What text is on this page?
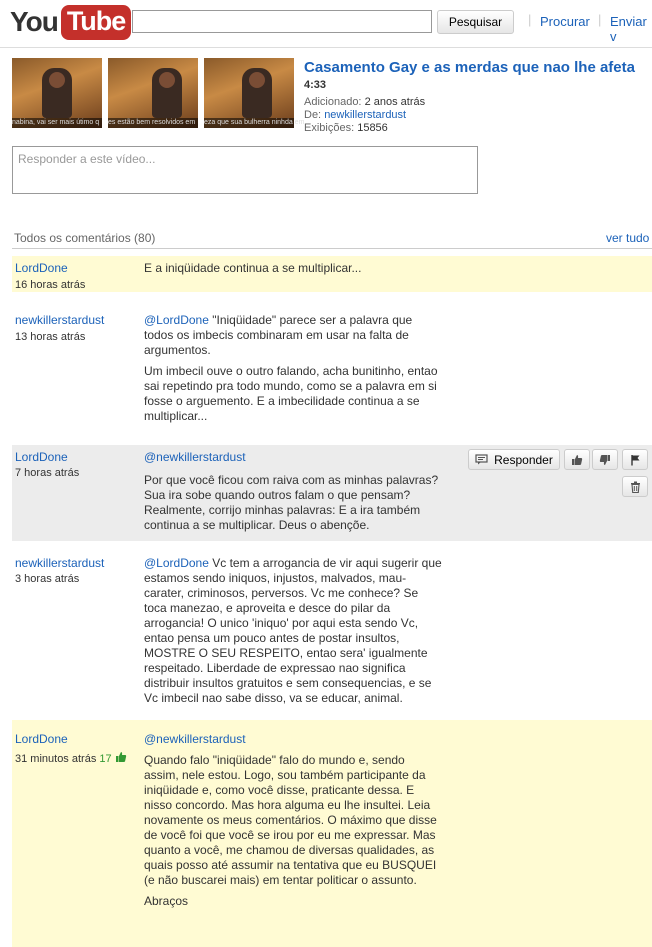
You Tube	Pesquisar	| Procurar | Enviar v
nabina, vai ser mais útimo q	es estão bem resolvidos em	eza que sua bulherra ninhda em
Casamento Gay e as merdas que nao lhe afeta
4:33
Adicionado: 2 anos atrás
De: newkillerstardust
Exibições: 15856
Responder a este vídeo...
Todos os comentários (80)	ver tudo
LordDone
16 horas atrás

E a iniqüidade continua a se multiplicar...

newkillerstardust
13 horas atrás

@LordDone "Iniqüidade" parece ser a palavra que todos os imbecis combinaram em usar na falta de argumentos.

Um imbecil ouve o outro falando, acha bunitinho, entao sai repetindo pra todo mundo, como se a palavra em si fosse o arguemento. E a imbecilidade continua a se multiplicar...

LordDone
7 horas atrás

@newkillerstardust

Por que você ficou com raiva com as minhas palavras? Sua ira sobe quando outros falam o que pensam? Realmente, corrijo minhas palavras: E a ira também continua a se multiplicar. Deus o abençõe.

Responder
newkillerstardust
3 horas atrás

@LordDone Vc tem a arrogancia de vir aqui sugerir que estamos sendo iniquos, injustos, malvados, mau-carater, criminosos, perversos. Vc me conhece? Se toca manezao, e aproveita e desce do pilar da arrogancia! O unico 'iniquo' por aqui esta sendo Vc, entao pensa um pouco antes de postar insultos, MOSTRE O SEU RESPEITO, entao sera' igualmente respeitado. Liberdade de expressao nao significa distribuir insultos gratuitos e sem consequencias, e se Vc imbecil nao sabe disso, va se educar, animal.

LordDone
31 minutos atrás 17

@newkillerstardust

Quando falo "iniqüidade" falo do mundo e, sendo assim, nele estou. Logo, sou também participante da iniqüidade e, como você disse, praticante dessa. E nisso concordo. Mas hora alguma eu lhe insultei. Leia novamente os meus comentários. O máximo que disse de você foi que você se irou por eu me expressar. Mas quanto a você, me chamou de diversas qualidades, as quais posso até assumir na tentativa que eu BUSQUEI (e não buscarei mais) em tentar politicar o assunto.

Abraços
